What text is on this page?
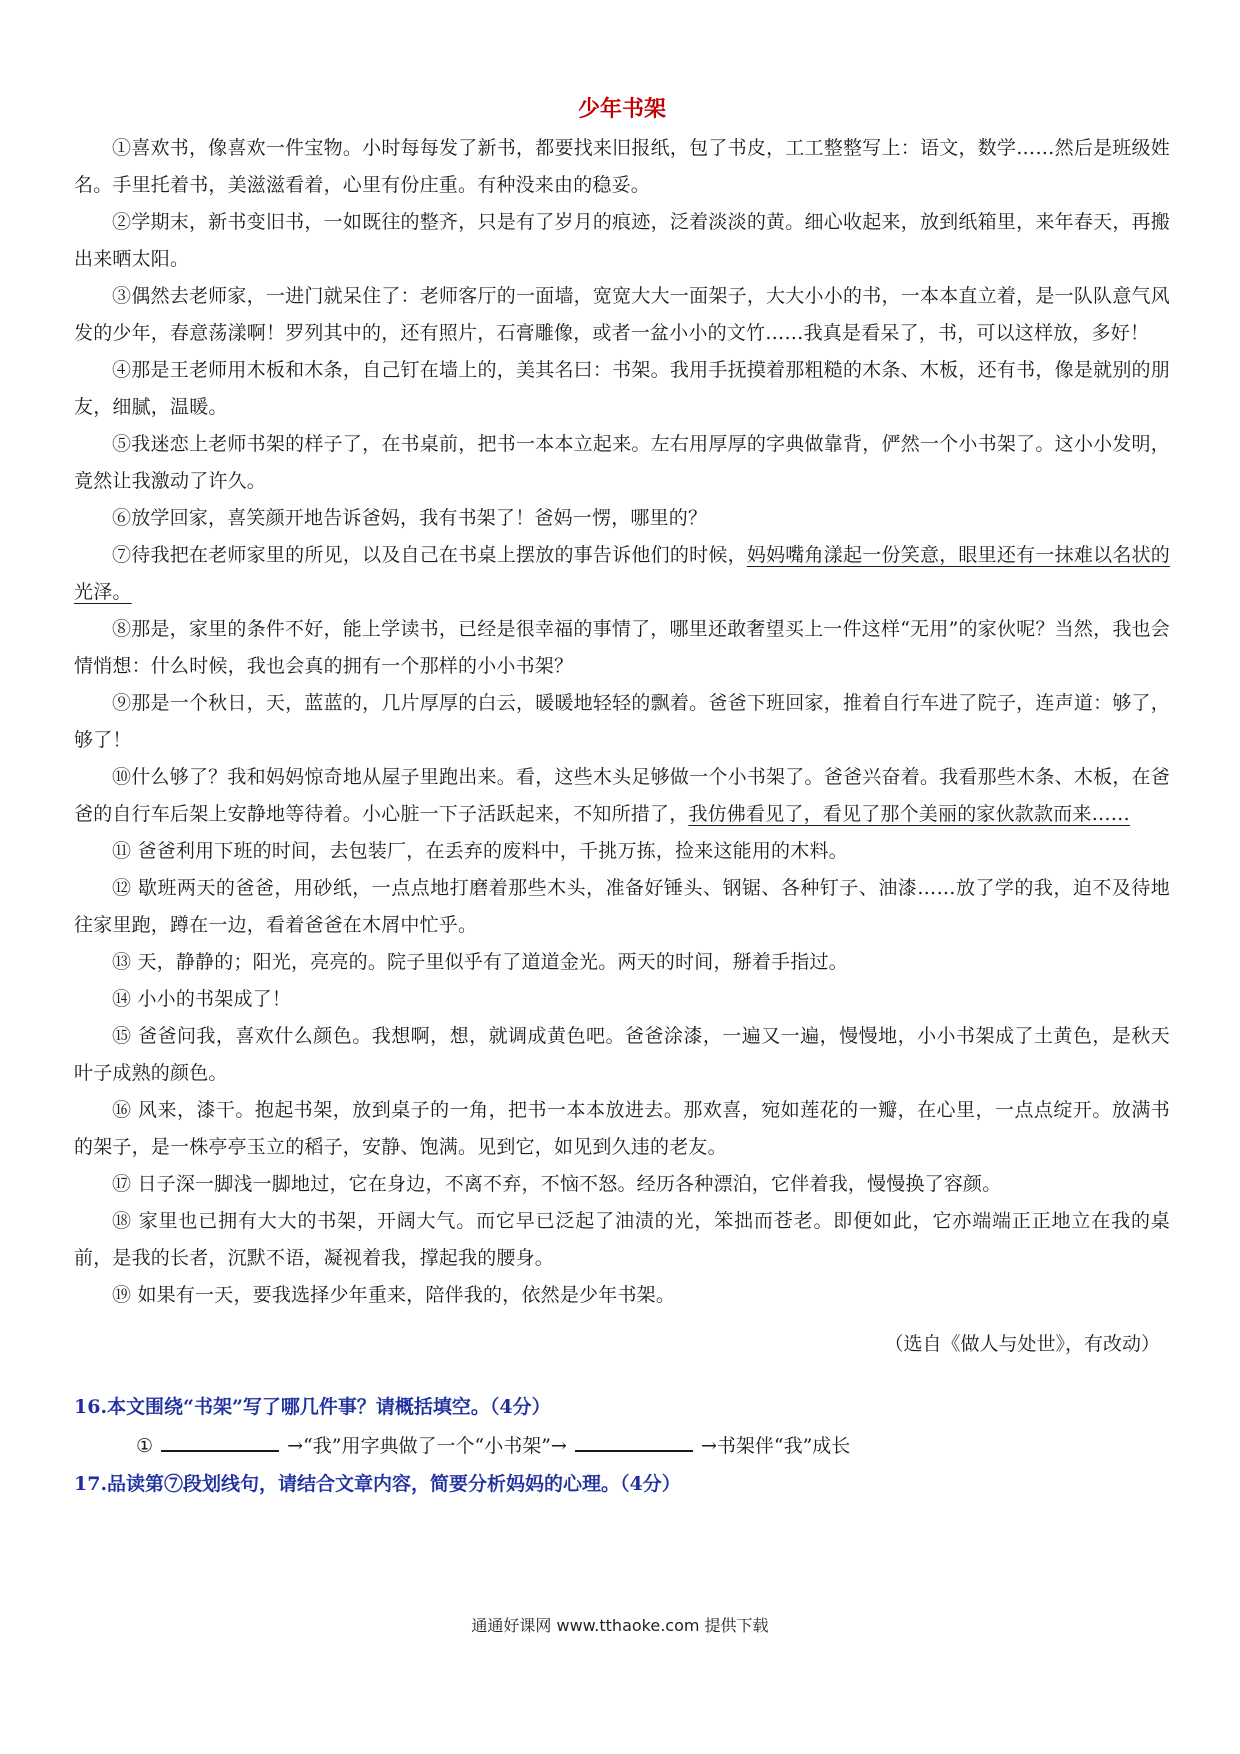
少年书架

①喜欢书，像喜欢一件宝物。小时每每发了新书，都要找来旧报纸，包了书皮，工工整整写上：语文，数学……然后是班级姓名。手里托着书，美滋滋看着，心里有份庄重。有种没来由的稳妥。

②学期末，新书变旧书，一如既往的整齐，只是有了岁月的痕迹，泛着淡淡的黄。细心收起来，放到纸箱里，来年春天，再搬出来晒太阳。

③偶然去老师家，一进门就呆住了：老师客厅的一面墙，宽宽大大一面架子，大大小小的书，一本本直立着，是一队队意气风发的少年，春意荡漾啊！罗列其中的，还有照片，石膏雕像，或者一盆小小的文竹……我真是看呆了，书，可以这样放，多好！

④那是王老师用木板和木条，自己钉在墙上的，美其名曰：书架。我用手抚摸着那粗糙的木条、木板，还有书，像是就别的朋友，细腻，温暖。

⑤我迷恋上老师书架的样子了，在书桌前，把书一本本立起来。左右用厚厚的字典做靠背，俨然一个小书架了。这小小发明，竟然让我激动了许久。

⑥放学回家，喜笑颜开地告诉爸妈，我有书架了！爸妈一愣，哪里的？

⑦待我把在老师家里的所见，以及自己在书桌上摆放的事告诉他们的时候，妈妈嘴角漾起一份笑意，眼里还有一抹难以名状的光泽。

⑧那是，家里的条件不好，能上学读书，已经是很幸福的事情了，哪里还敢奢望买上一件这样“无用”的家伙呢？当然，我也会情悄想：什么时候，我也会真的拥有一个那样的小小书架？

⑨那是一个秋日，天，蓝蓝的，几片厚厚的白云，暖暖地轻轻的飘着。爸爸下班回家，推着自行车进了院子，连声道：够了，够了！

⑩什么够了？我和妈妈惊奇地从屋子里跑出来。看，这些木头足够做一个小书架了。爸爸兴奋着。我看那些木条、木板，在爸爸的自行车后架上安静地等待着。小心脏一下子活跃起来，不知所措了，我仿佛看见了，看见了那个美丽的家伙款款而来……

⑪ 爸爸利用下班的时间，去包装厂，在丢弃的废料中，千挑万拣，捡来这能用的木料。

⑫ 歇班两天的爸爸，用砂纸，一点点地打磨着那些木头，准备好锤头、钢锯、各种钉子、油漆……放了学的我，迫不及待地往家里跑，蹲在一边，看着爸爸在木屑中忙乎。

⑬ 天，静静的；阳光，亮亮的。院子里似乎有了道道金光。两天的时间，掰着手指过。

⑭ 小小的书架成了！

⑮ 爸爸问我，喜欢什么颜色。我想啊，想，就调成黄色吧。爸爸涂漆，一遍又一遍，慢慢地，小小书架成了土黄色，是秋天叶子成熟的颜色。

⑯ 风来，漆干。抱起书架，放到桌子的一角，把书一本本放进去。那欢喜，宛如莲花的一瓣，在心里，一点点绽开。放满书的架子，是一株亭亭玉立的稻子，安静、饱满。见到它，如见到久违的老友。

⑰ 日子深一脚浅一脚地过，它在身边，不离不弃，不恼不怒。经历各种漂泊，它伴着我，慢慢换了容颜。

⑱ 家里也已拥有大大的书架，开阔大气。而它早已泛起了油渍的光，笨拙而苍老。即便如此，它亦端端正正地立在我的桌前，是我的长者，沉默不语，凝视着我，撑起我的腰身。

⑲ 如果有一天，要我选择少年重来，陪伴我的，依然是少年书架。

（选自《做人与处世》，有改动）

16.本文围绕“书架”写了哪几件事？请概括填空。（4分）

①	→“我”用字典做了一个“小书架”→	→书架伴“我”成长

17.品读第⑦段划线句，请结合文章内容，简要分析妈妈的心理。（4分）

通通好课网 www.tthaoke.com 提供下载
